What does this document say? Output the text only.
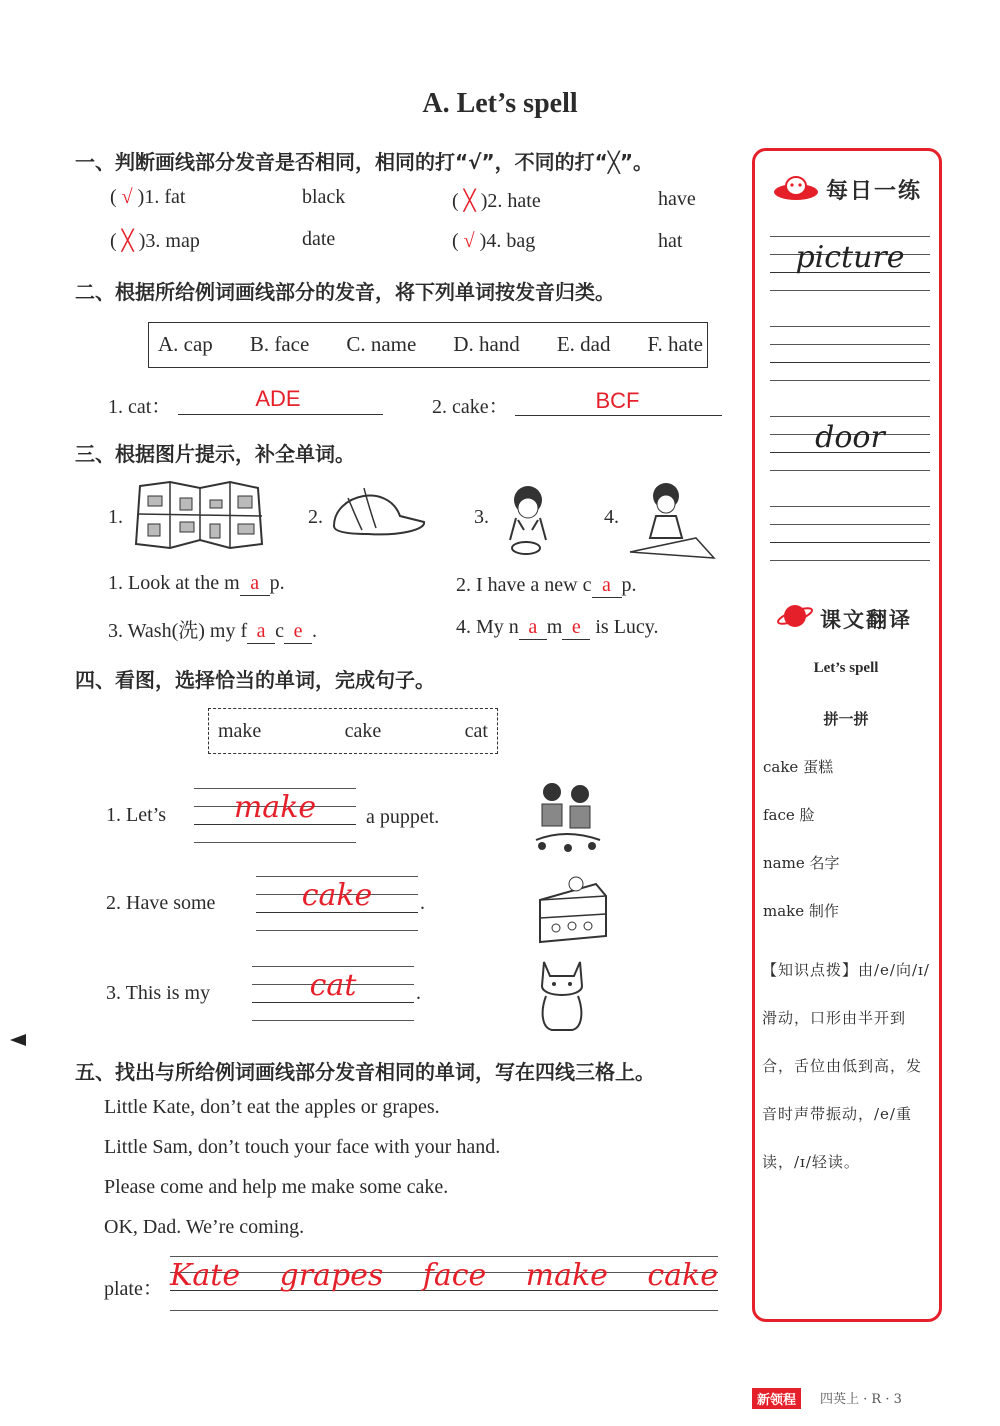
A. Let’s spell
一、判断画线部分发音是否相同，相同的打“√”，不同的打“╳”。
( √ )1. fat	black	( ╳ )2. hate	have
( ╳ )3. map	date	( √ )4. bag	hat
二、根据所给例词画线部分的发音，将下列单词按发音归类。
A. cap B. face C. name D. hand E. dad F. hate
1. cat：	ADE	2. cake：	BCF
三、根据图片提示，补全单词。
1.	2.	3.	4.
1. Look at the m a p.	2. I have a new c a p.
3. Wash(洗) my f a c e .	4. My n a m e is Lucy.
四、看图，选择恰当的单词，完成句子。
make	cake	cat
1. Let’s	make	a puppet.
2. Have some	cake	.
3. This is my	cat	.
五、找出与所给例词画线部分发音相同的单词，写在四线三格上。
Little Kate, don’t eat the apples or grapes.
Little Sam, don’t touch your face with your hand.
Please come and help me make some cake.
OK, Dad. We’re coming.
plate： Kate grapes face make cake
每日一练
picture
door
课文翻译
Let’s spell
拼一拼
cake 蛋糕
face 脸
name 名字
make 制作
【知识点拨】由/e/向/ɪ/滑动，口形由半开到合，舌位由低到高，发音时声带振动，/e/重读，/ɪ/轻读。
新领程	四英上 · R · 3
